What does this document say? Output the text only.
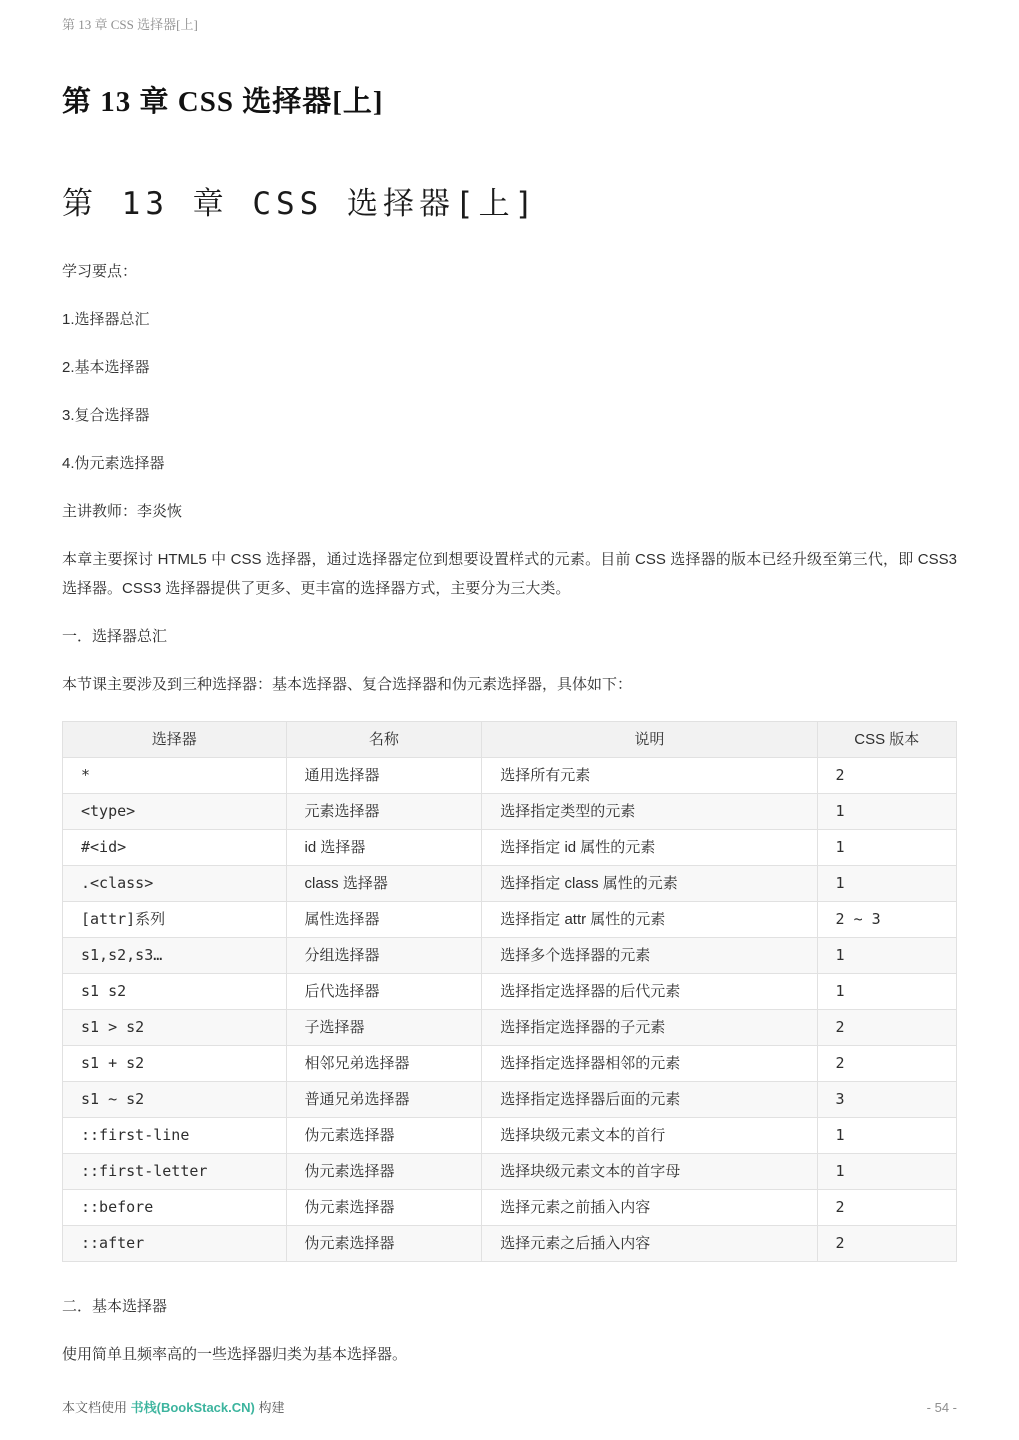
第 13 章 CSS 选择器[上]
第 13 章 CSS 选择器[上]
第 13 章 CSS 选择器[上]

学习要点：

1.选择器总汇

2.基本选择器

3.复合选择器

4.伪元素选择器

主讲教师：李炎恢

本章主要探讨 HTML5 中 CSS 选择器，通过选择器定位到想要设置样式的元素。目前 CSS 选择器的版本已经升级至第三代，即 CSS3 选择器。CSS3 选择器提供了更多、更丰富的选择器方式，主要分为三大类。

一．选择器总汇

本节课主要涉及到三种选择器：基本选择器、复合选择器和伪元素选择器，具体如下：

选择器	名称	说明	CSS 版本
*	通用选择器	选择所有元素	2
<type>	元素选择器	选择指定类型的元素	1
#<id>	id 选择器	选择指定 id 属性的元素	1
.<class>	class 选择器	选择指定 class 属性的元素	1
[attr]系列	属性选择器	选择指定 attr 属性的元素	2 ~ 3
s1,s2,s3…	分组选择器	选择多个选择器的元素	1
s1 s2	后代选择器	选择指定选择器的后代元素	1
s1 > s2	子选择器	选择指定选择器的子元素	2
s1 + s2	相邻兄弟选择器	选择指定选择器相邻的元素	2
s1 ~ s2	普通兄弟选择器	选择指定选择器后面的元素	3
::first-line	伪元素选择器	选择块级元素文本的首行	1
::first-letter	伪元素选择器	选择块级元素文本的首字母	1
::before	伪元素选择器	选择元素之前插入内容	2
::after	伪元素选择器	选择元素之后插入内容	2

二．基本选择器

使用简单且频率高的一些选择器归类为基本选择器。

本文档使用 书栈(BookStack.CN) 构建	- 54 -
